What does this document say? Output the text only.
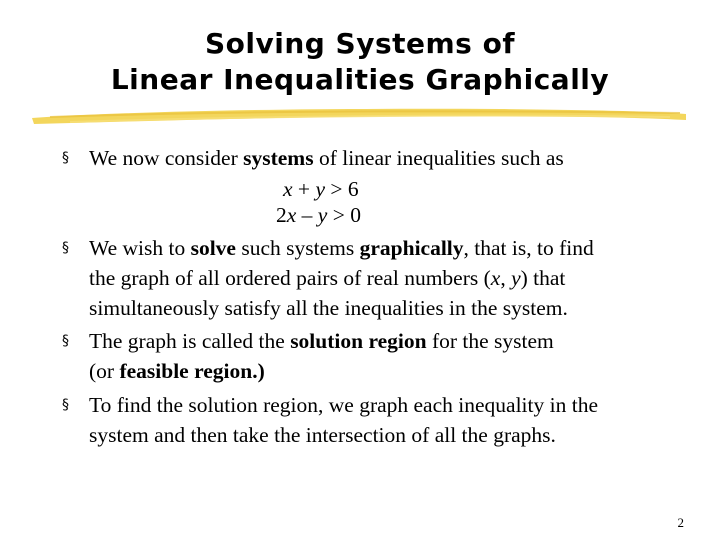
Solving Systems of
Linear Inequalities Graphically
§ We now consider systems of linear inequalities such as
x + y > 6
2x – y > 0
§ We wish to solve such systems graphically, that is, to find
the graph of all ordered pairs of real numbers (x, y) that
simultaneously satisfy all the inequalities in the system.
§ The graph is called the solution region for the system
(or feasible region.)
§ To find the solution region, we graph each inequality in the
system and then take the intersection of all the graphs.
2
